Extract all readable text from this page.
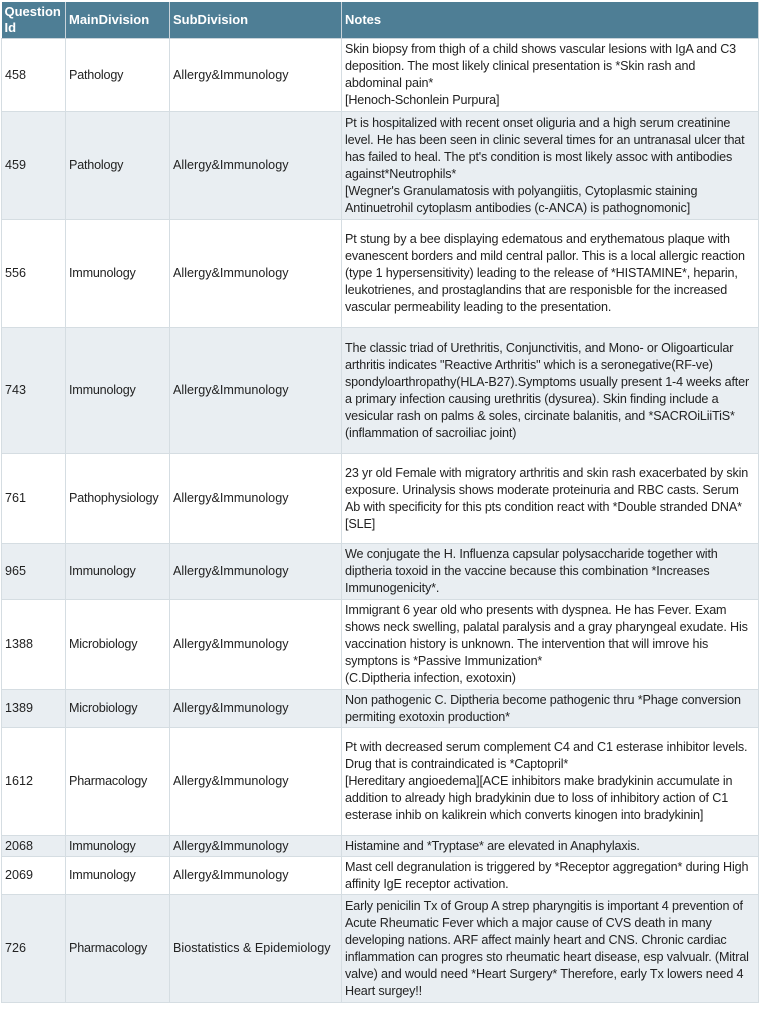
Question Id	MainDivision	SubDivision	Notes
458	Pathology	Allergy&Immunology	Skin biopsy from thigh of a child shows vascular lesions with IgA and C3 deposition. The most likely clinical presentation is *Skin rash and abdominal pain*
[Henoch-Schonlein Purpura]
459	Pathology	Allergy&Immunology	Pt is hospitalized with recent onset oliguria and a high serum creatinine level. He has been seen in clinic several times for an untranasal ulcer that has failed to heal. The pt's condition is most likely assoc with antibodies against*Neutrophils*
[Wegner's Granulamatosis with polyangiitis, Cytoplasmic staining Antinuetrohil cytoplasm antibodies (c-ANCA) is pathognomonic]
556	Immunology	Allergy&Immunology	Pt stung by a bee displaying edematous and erythematous plaque with evanescent borders and mild central pallor. This is a local allergic reaction (type 1 hypersensitivity) leading to the release of *HISTAMINE*, heparin, leukotrienes, and prostaglandins that are responisble for the increased vascular permeability leading to the presentation.
743	Immunology	Allergy&Immunology	The classic triad of Urethritis, Conjunctivitis, and Mono- or Oligoarticular arthritis indicates "Reactive Arthritis" which is a seronegative(RF-ve) spondyloarthropathy(HLA-B27).Symptoms usually present 1-4 weeks after a primary infection causing urethritis (dysurea). Skin finding include a vesicular rash on palms & soles, circinate balanitis, and *SACROiLiiTiS* (inflammation of sacroiliac joint)
761	Pathophysiology	Allergy&Immunology	23 yr old Female with migratory arthritis and skin rash exacerbated by skin exposure. Urinalysis shows moderate proteinuria and RBC casts. Serum Ab with specificity for this pts condition react with *Double stranded DNA*
[SLE]
965	Immunology	Allergy&Immunology	We conjugate the H. Influenza capsular polysaccharide together with diptheria toxoid in the vaccine because this combination *Increases Immunogenicity*.
1388	Microbiology	Allergy&Immunology	Immigrant 6 year old who presents with dyspnea. He has Fever. Exam shows neck swelling, palatal paralysis and a gray pharyngeal exudate. His vaccination history is unknown. The intervention that will imrove his symptons is *Passive Immunization*
(C.Diptheria infection, exotoxin)
1389	Microbiology	Allergy&Immunology	Non pathogenic C. Diptheria become pathogenic thru *Phage conversion permiting exotoxin production*
1612	Pharmacology	Allergy&Immunology	Pt with decreased serum complement C4 and C1 esterase inhibitor levels. Drug that is contraindicated is *Captopril*
[Hereditary angioedema][ACE inhibitors make bradykinin accumulate in addition to already high bradykinin due to loss of inhibitory action of C1 esterase inhib on kalikrein which converts kinogen into bradykinin]
2068	Immunology	Allergy&Immunology	Histamine and *Tryptase* are elevated in Anaphylaxis.
2069	Immunology	Allergy&Immunology	Mast cell degranulation is triggered by *Receptor aggregation* during High affinity IgE receptor activation.
726	Pharmacology	Biostatistics & Epidemiology	Early penicilin Tx of Group A strep pharyngitis is important 4 prevention of Acute Rheumatic Fever which a major cause of CVS death in many developing nations. ARF affect mainly heart and CNS. Chronic cardiac inflammation can progres sto rheumatic heart disease, esp valvualr. (Mitral valve) and would need *Heart Surgery* Therefore, early Tx lowers need 4 Heart surgey!!
